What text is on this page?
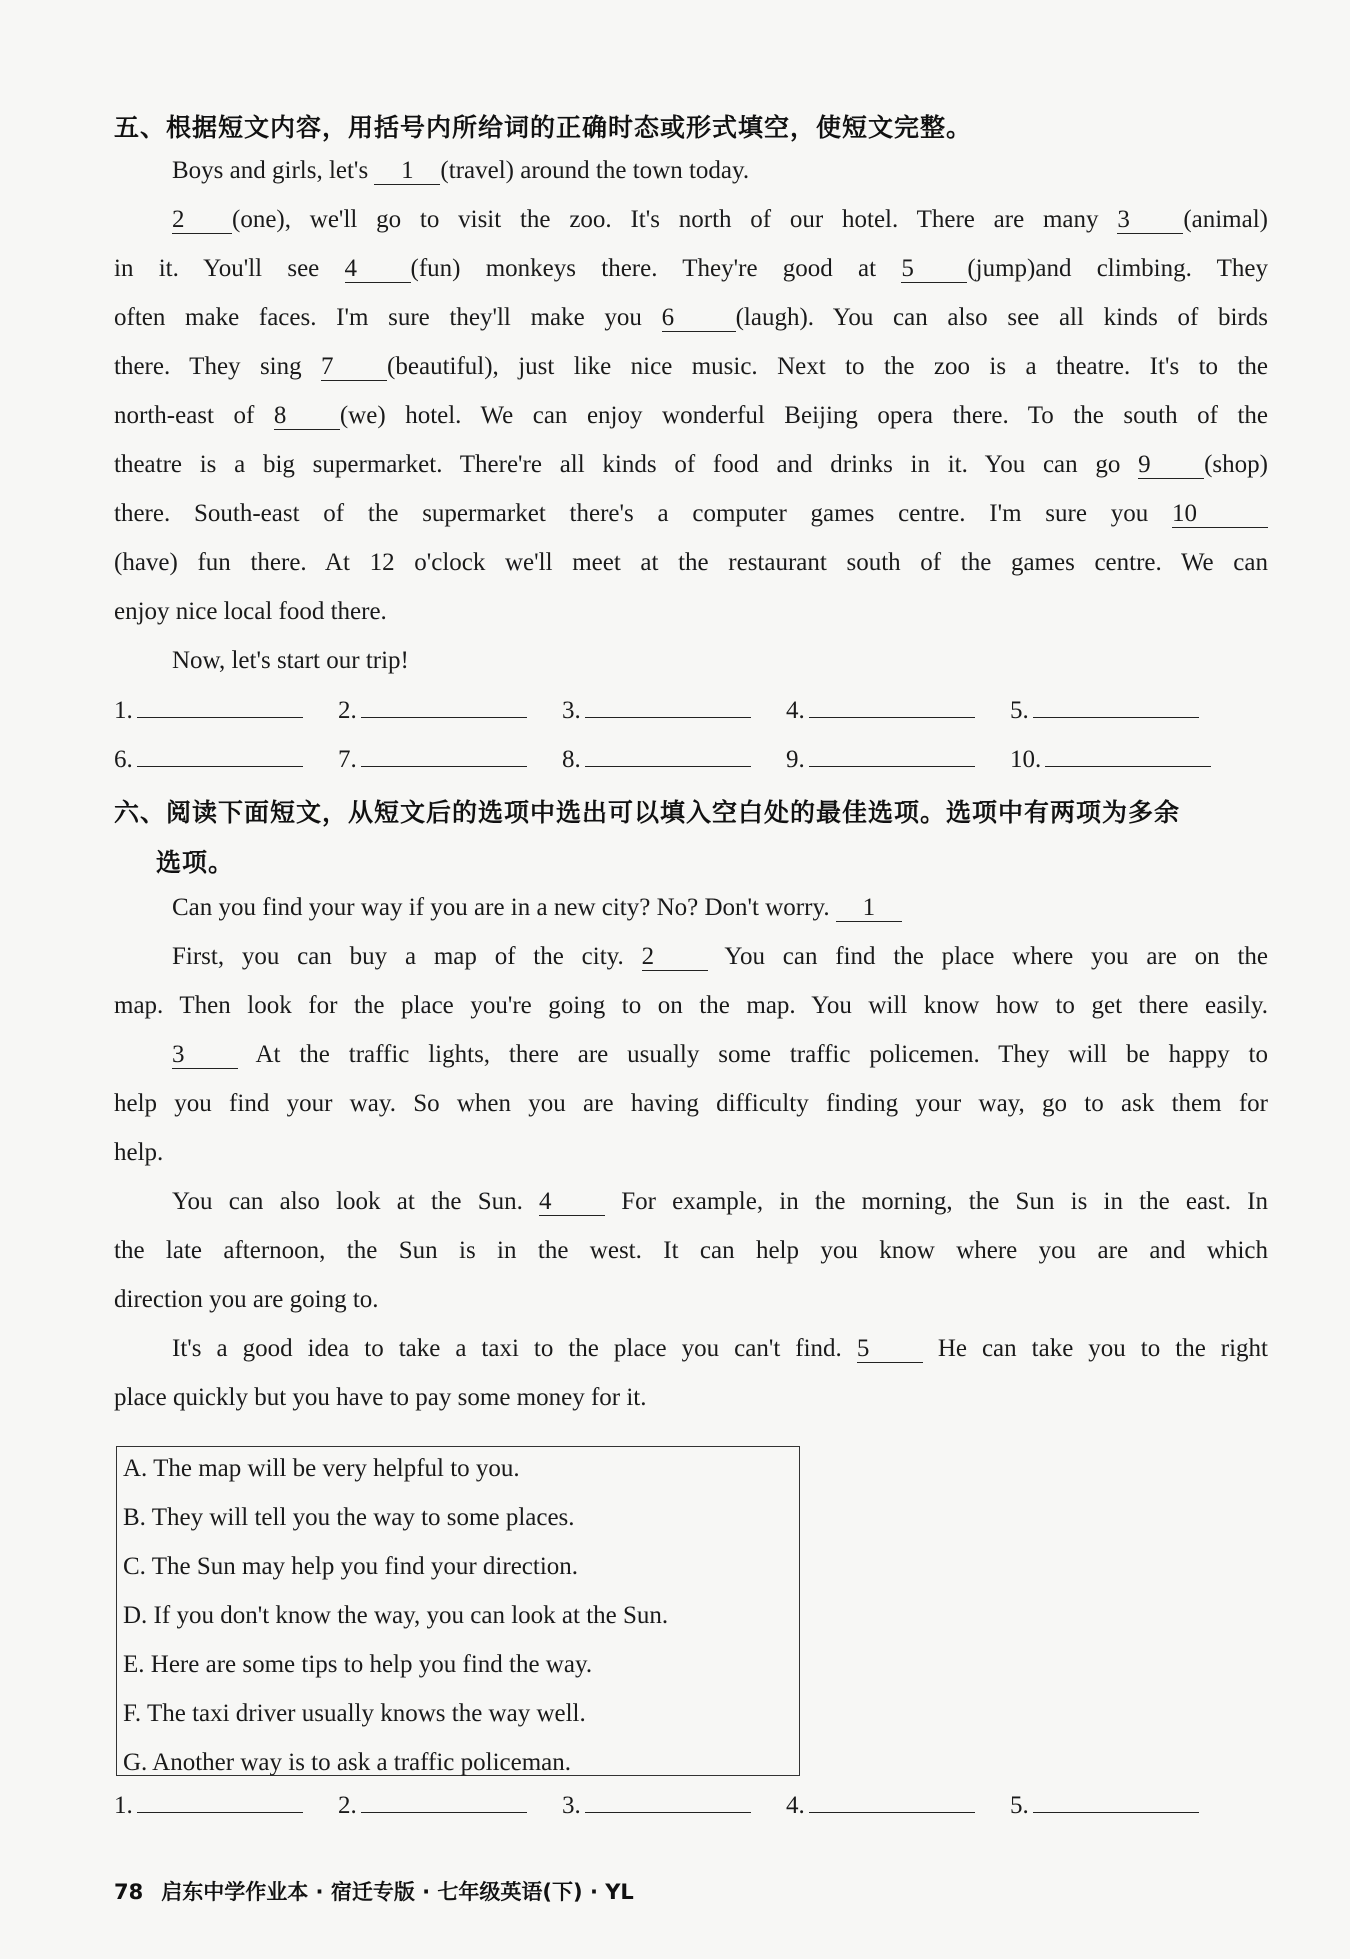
五、根据短文内容，用括号内所给词的正确时态或形式填空，使短文完整。
Boys and girls, let's 1 (travel) around the town today.
2 (one), we'll go to visit the zoo. It's north of our hotel. There are many 3 (animal)
in it. You'll see 4 (fun) monkeys there. They're good at 5 (jump)and climbing. They
often make faces. I'm sure they'll make you 6 (laugh). You can also see all kinds of birds
there. They sing 7 (beautiful), just like nice music. Next to the zoo is a theatre. It's to the
north-east of 8 (we) hotel. We can enjoy wonderful Beijing opera there. To the south of the
theatre is a big supermarket. There're all kinds of food and drinks in it. You can go 9 (shop)
there. South-east of the supermarket there's a computer games centre. I'm sure you 10
(have) fun there. At 12 o'clock we'll meet at the restaurant south of the games centre. We can
enjoy nice local food there.
Now, let's start our trip!
1.	2.	3.	4.	5.
6.	7.	8.	9.	10.
六、阅读下面短文，从短文后的选项中选出可以填入空白处的最佳选项。选项中有两项为多余
选项。
Can you find your way if you are in a new city? No? Don't worry. 1
First, you can buy a map of the city. 2 You can find the place where you are on the
map. Then look for the place you're going to on the map. You will know how to get there easily.
3 At the traffic lights, there are usually some traffic policemen. They will be happy to
help you find your way. So when you are having difficulty finding your way, go to ask them for
help.
You can also look at the Sun. 4 For example, in the morning, the Sun is in the east. In
the late afternoon, the Sun is in the west. It can help you know where you are and which
direction you are going to.
It's a good idea to take a taxi to the place you can't find. 5 He can take you to the right
place quickly but you have to pay some money for it.
A. The map will be very helpful to you.
B. They will tell you the way to some places.
C. The Sun may help you find your direction.
D. If you don't know the way, you can look at the Sun.
E. Here are some tips to help you find the way.
F. The taxi driver usually knows the way well.
G. Another way is to ask a traffic policeman.
1.	2.	3.	4.	5.
78 启东中学作业本 · 宿迁专版 · 七年级英语(下) · YL
